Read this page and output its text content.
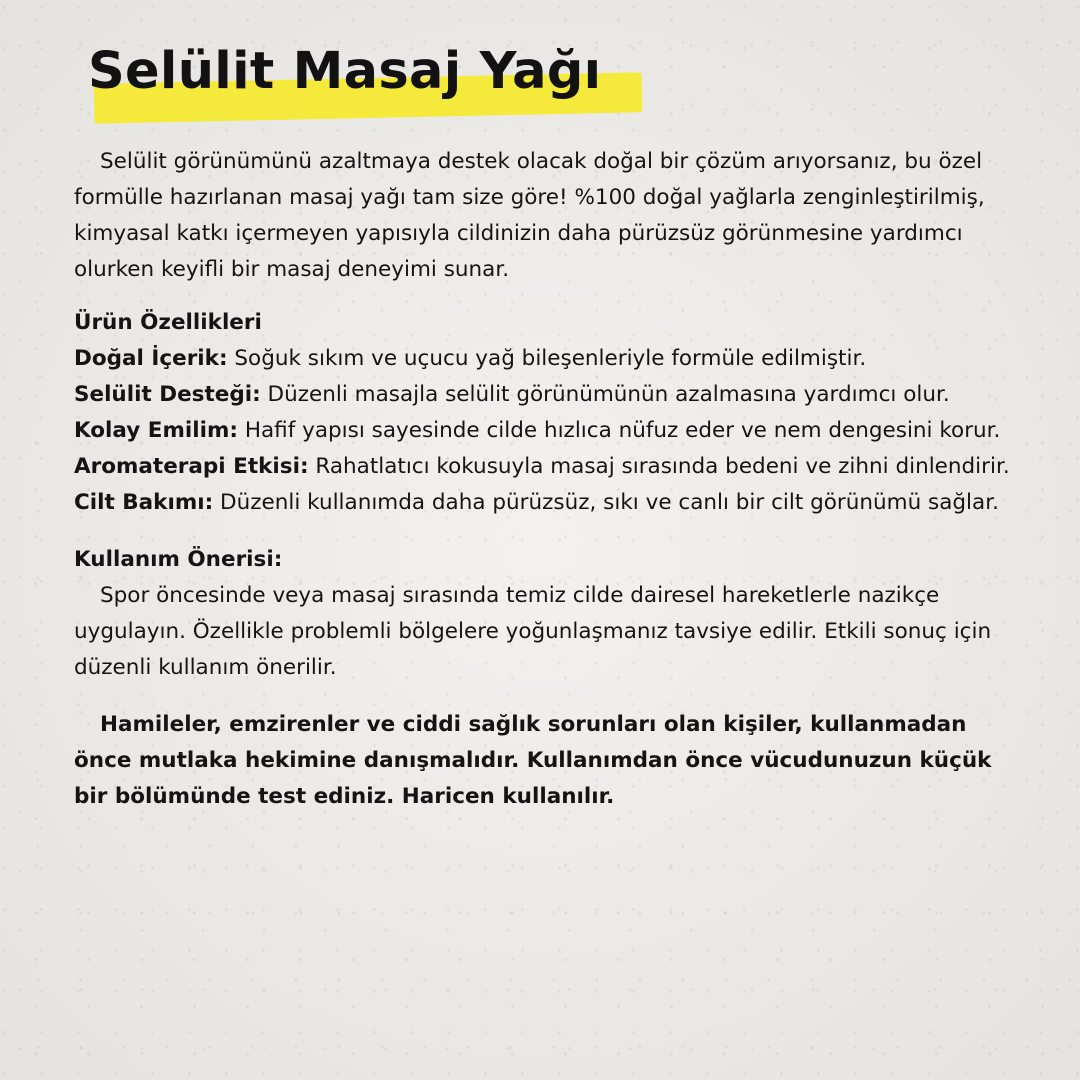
Selülit Masaj Yağı

Selülit görünümünü azaltmaya destek olacak doğal bir çözüm arıyorsanız, bu özel formülle hazırlanan masaj yağı tam size göre! %100 doğal yağlarla zenginleştirilmiş, kimyasal katkı içermeyen yapısıyla cildinizin daha pürüzsüz görünmesine yardımcı olurken keyifli bir masaj deneyimi sunar.

Ürün Özellikleri

Doğal İçerik: Soğuk sıkım ve uçucu yağ bileşenleriyle formüle edilmiştir.

Selülit Desteği: Düzenli masajla selülit görünümünün azalmasına yardımcı olur.

Kolay Emilim: Hafif yapısı sayesinde cilde hızlıca nüfuz eder ve nem dengesini korur.

Aromaterapi Etkisi: Rahatlatıcı kokusuyla masaj sırasında bedeni ve zihni dinlendirir.

Cilt Bakımı: Düzenli kullanımda daha pürüzsüz, sıkı ve canlı bir cilt görünümü sağlar.

Kullanım Önerisi:

Spor öncesinde veya masaj sırasında temiz cilde dairesel hareketlerle nazikçe uygulayın. Özellikle problemli bölgelere yoğunlaşmanız tavsiye edilir. Etkili sonuç için düzenli kullanım önerilir.

Hamileler, emzirenler ve ciddi sağlık sorunları olan kişiler, kullanmadan önce mutlaka hekimine danışmalıdır. Kullanımdan önce vücudunuzun küçük bir bölümünde test ediniz. Haricen kullanılır.
